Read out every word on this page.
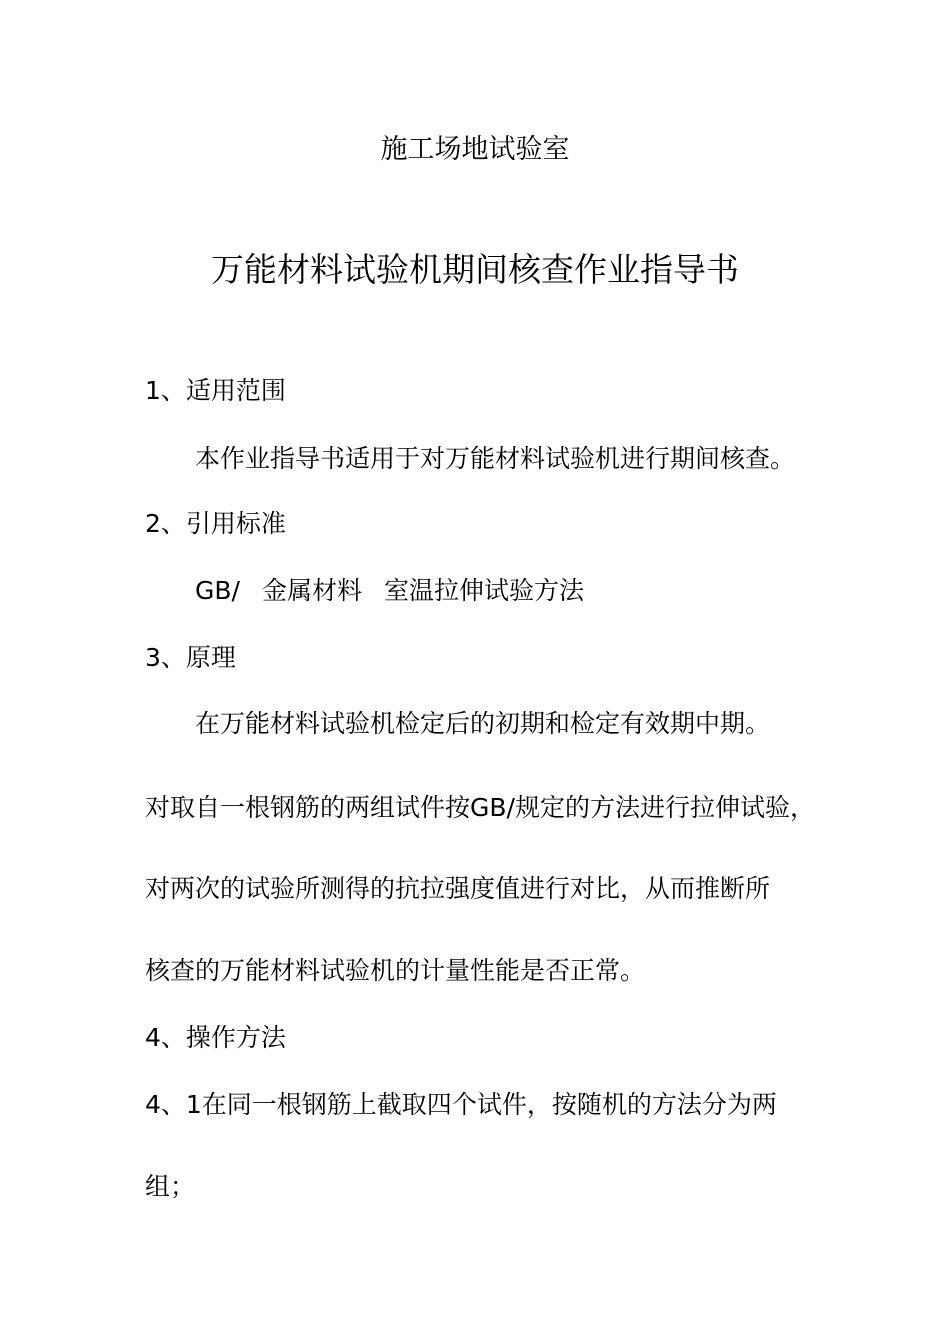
施工场地试验室
万能材料试验机期间核查作业指导书
1、适用范围
本作业指导书适用于对万能材料试验机进行期间核查。
2、引用标准
GB/ 金属材料 室温拉伸试验方法
3、原理
在万能材料试验机检定后的初期和检定有效期中期。
对取自一根钢筋的两组试件按GB/规定的方法进行拉伸试验，
对两次的试验所测得的抗拉强度值进行对比，从而推断所
核查的万能材料试验机的计量性能是否正常。
4、操作方法
4、1在同一根钢筋上截取四个试件，按随机的方法分为两
组；
